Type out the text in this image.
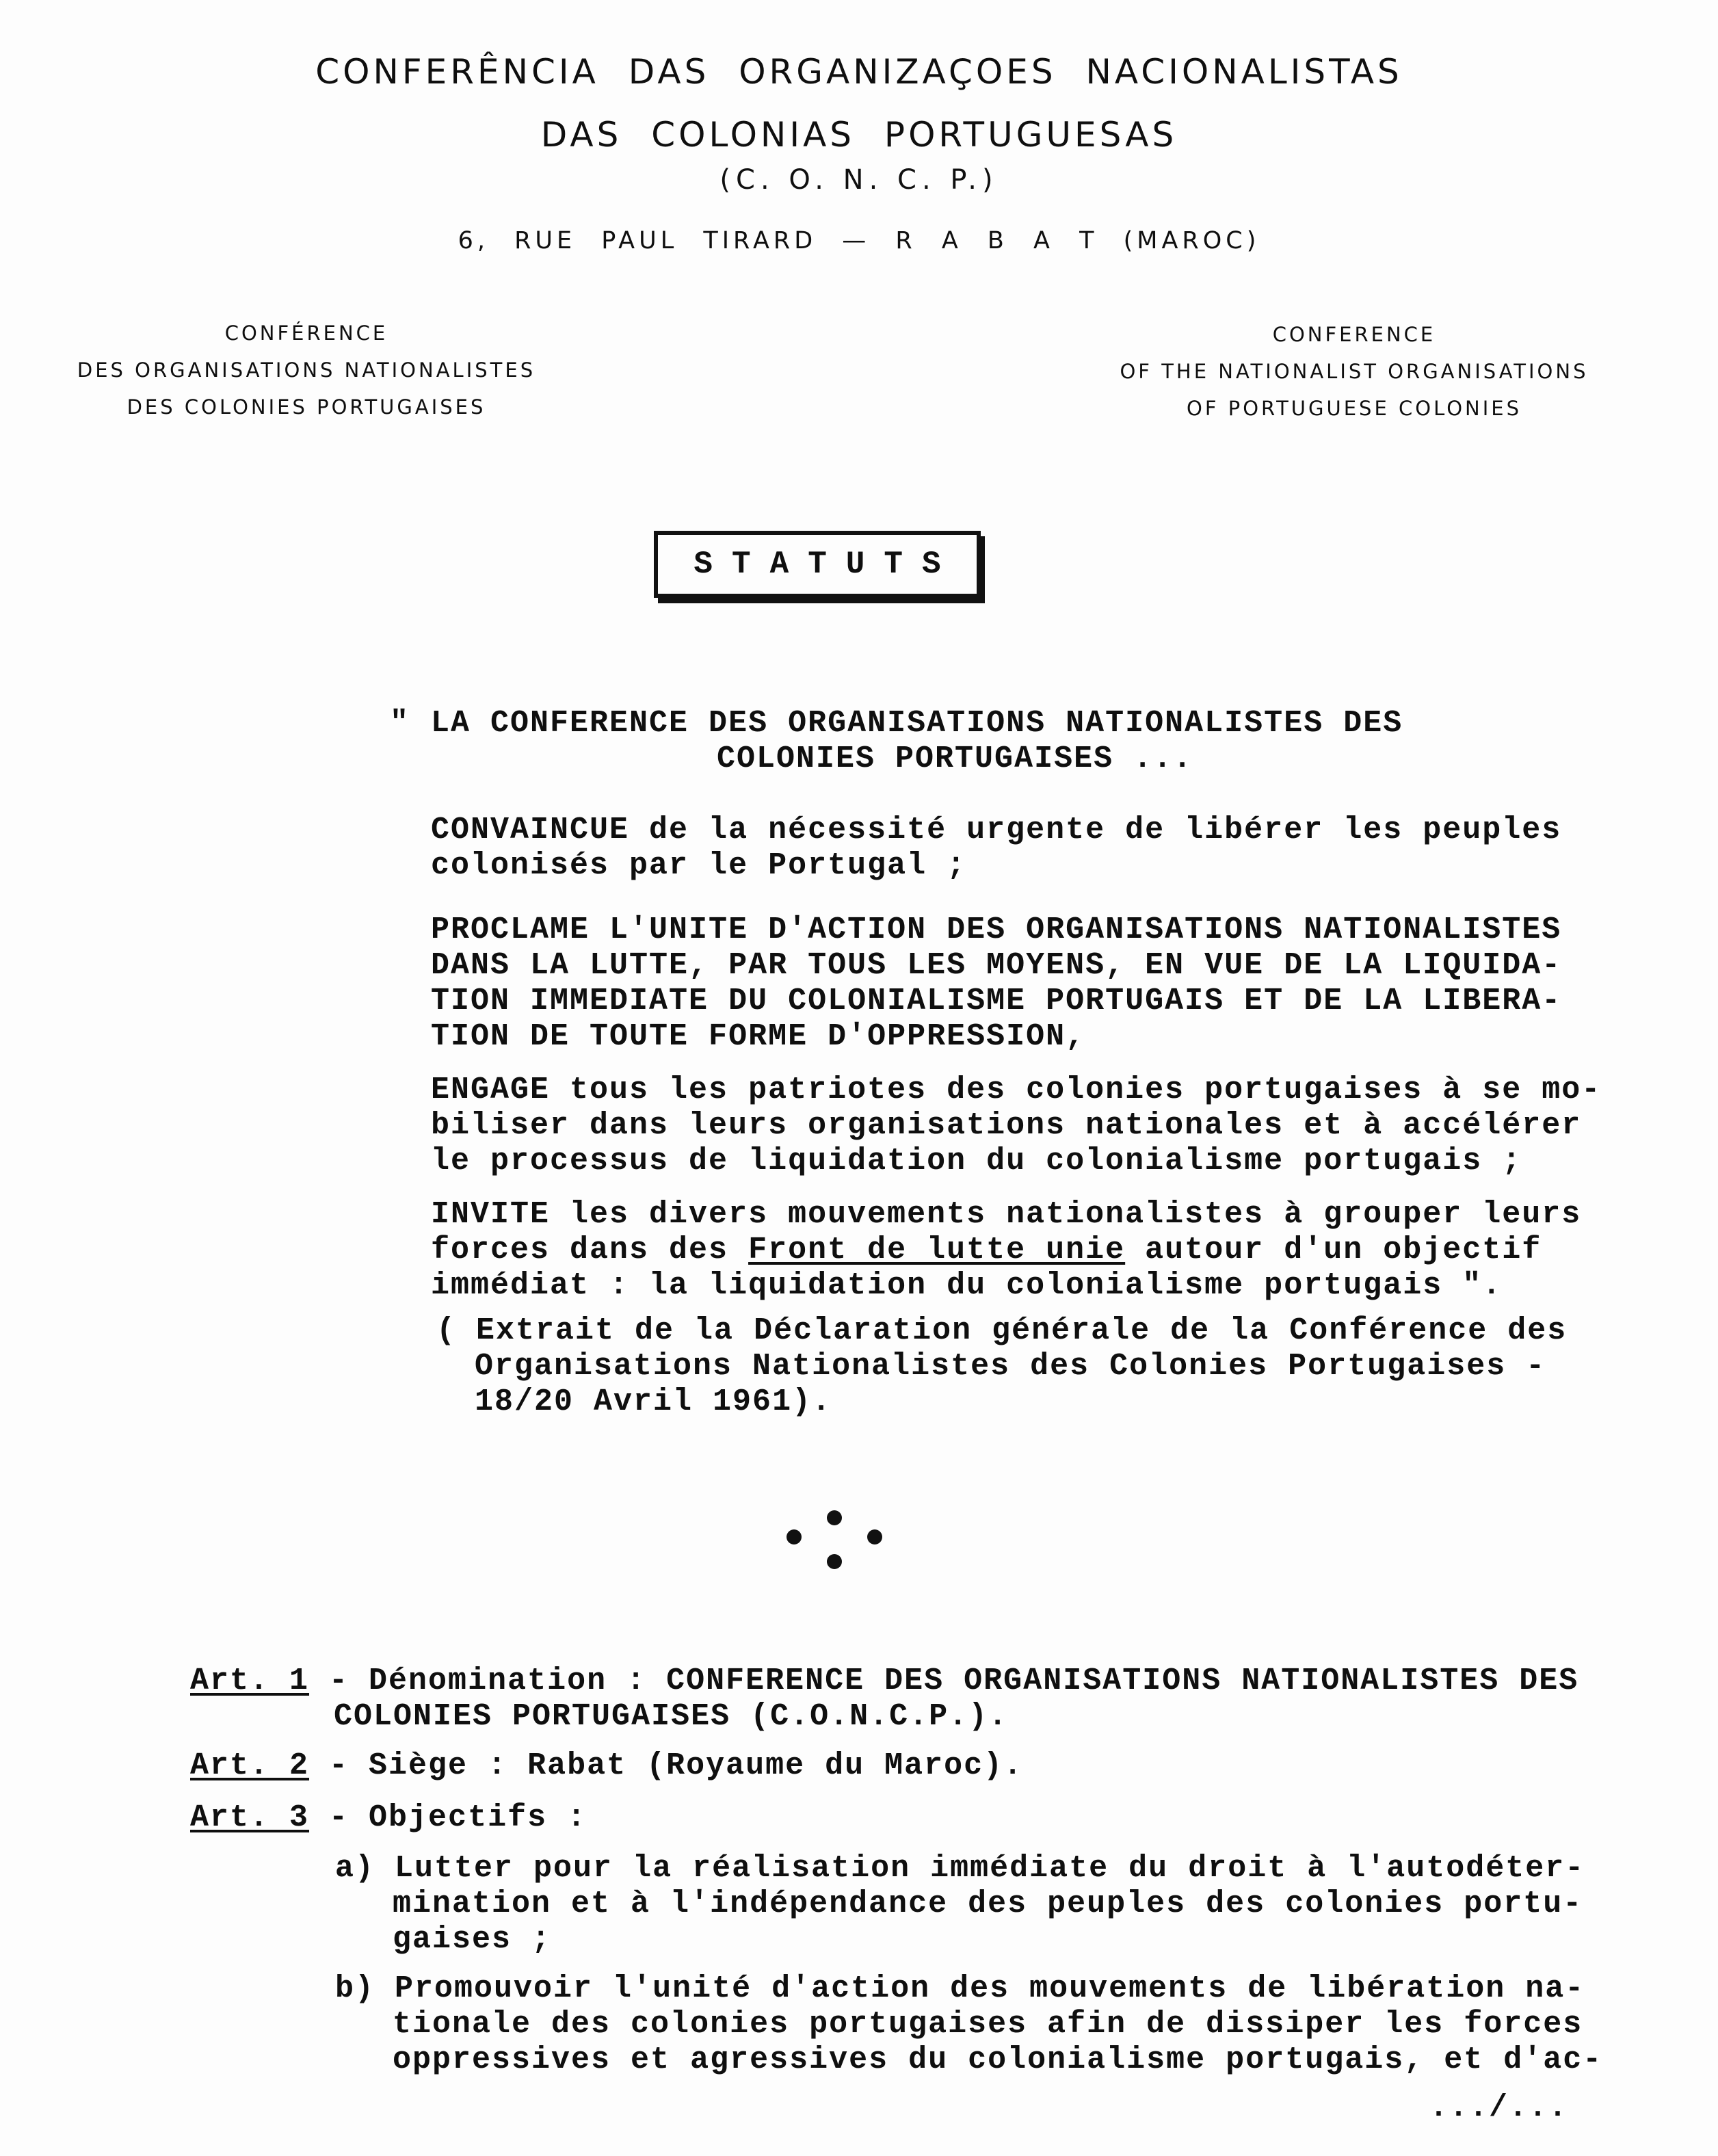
CONFERÊNCIA DAS ORGANIZAÇOES NACIONALISTAS
DAS COLONIAS PORTUGUESAS
(C. O. N. C. P.)
6, RUE PAUL TIRARD — R A B A T (MAROC)
CONFÉRENCE
DES ORGANISATIONS NATIONALISTES
DES COLONIES PORTUGAISES
CONFERENCE
OF THE NATIONALIST ORGANISATIONS
OF PORTUGUESE COLONIES
STATUTS
" LA CONFERENCE DES ORGANISATIONS NATIONALISTES DES
COLONIES PORTUGAISES ...
CONVAINCUE de la nécessité urgente de libérer les peuples
colonisés par le Portugal ;
PROCLAME L'UNITE D'ACTION DES ORGANISATIONS NATIONALISTES
DANS LA LUTTE, PAR TOUS LES MOYENS, EN VUE DE LA LIQUIDA-
TION IMMEDIATE DU COLONIALISME PORTUGAIS ET DE LA LIBERA-
TION DE TOUTE FORME D'OPPRESSION,
ENGAGE tous les patriotes des colonies portugaises à se mo-
biliser dans leurs organisations nationales et à accélérer
le processus de liquidation du colonialisme portugais ;
INVITE les divers mouvements nationalistes à grouper leurs
forces dans des Front de lutte unie autour d'un objectif
immédiat : la liquidation du colonialisme portugais ".
( Extrait de la Déclaration générale de la Conférence des
Organisations Nationalistes des Colonies Portugaises -
18/20 Avril 1961).
Art. 1 - Dénomination : CONFERENCE DES ORGANISATIONS NATIONALISTES DES
COLONIES PORTUGAISES (C.O.N.C.P.).
Art. 2 - Siège : Rabat (Royaume du Maroc).
Art. 3 - Objectifs :
a) Lutter pour la réalisation immédiate du droit à l'autodéter-
mination et à l'indépendance des peuples des colonies portu-
gaises ;
b) Promouvoir l'unité d'action des mouvements de libération na-
tionale des colonies portugaises afin de dissiper les forces
oppressives et agressives du colonialisme portugais, et d'ac-
.../...
